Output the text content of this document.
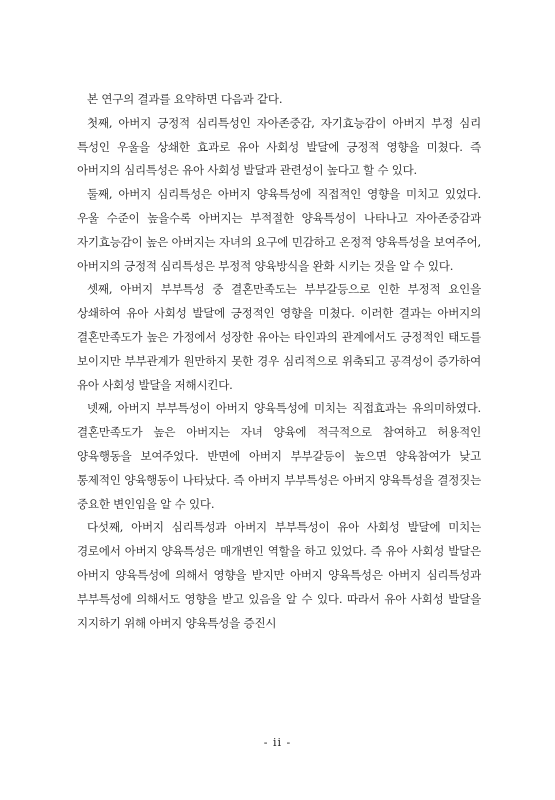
본 연구의 결과를 요약하면 다음과 같다.

첫째, 아버지 긍정적 심리특성인 자아존중감, 자기효능감이 아버지 부정 심리 특성인 우울을 상쇄한 효과로 유아 사회성 발달에 긍정적 영향을 미쳤다. 즉 아버지의 심리특성은 유아 사회성 발달과 관련성이 높다고 할 수 있다.

둘째, 아버지 심리특성은 아버지 양육특성에 직접적인 영향을 미치고 있었다. 우울 수준이 높을수록 아버지는 부적절한 양육특성이 나타나고 자아존중감과 자기효능감이 높은 아버지는 자녀의 요구에 민감하고 온정적 양육특성을 보여주어, 아버지의 긍정적 심리특성은 부정적 양육방식을 완화 시키는 것을 알 수 있다.

셋째, 아버지 부부특성 중 결혼만족도는 부부갈등으로 인한 부정적 요인을 상쇄하여 유아 사회성 발달에 긍정적인 영향을 미쳤다. 이러한 결과는 아버지의 결혼만족도가 높은 가정에서 성장한 유아는 타인과의 관계에서도 긍정적인 태도를 보이지만 부부관계가 원만하지 못한 경우 심리적으로 위축되고 공격성이 증가하여 유아 사회성 발달을 저해시킨다.

넷째, 아버지 부부특성이 아버지 양육특성에 미치는 직접효과는 유의미하였다. 결혼만족도가 높은 아버지는 자녀 양육에 적극적으로 참여하고 허용적인 양육행동을 보여주었다. 반면에 아버지 부부갈등이 높으면 양육참여가 낮고 통제적인 양육행동이 나타났다. 즉 아버지 부부특성은 아버지 양육특성을 결정짓는 중요한 변인임을 알 수 있다.

다섯째, 아버지 심리특성과 아버지 부부특성이 유아 사회성 발달에 미치는 경로에서 아버지 양육특성은 매개변인 역할을 하고 있었다. 즉 유아 사회성 발달은 아버지 양육특성에 의해서 영향을 받지만 아버지 양육특성은 아버지 심리특성과 부부특성에 의해서도 영향을 받고 있음을 알 수 있다. 따라서 유아 사회성 발달을 지지하기 위해 아버지 양육특성을 증진시

- ii -
